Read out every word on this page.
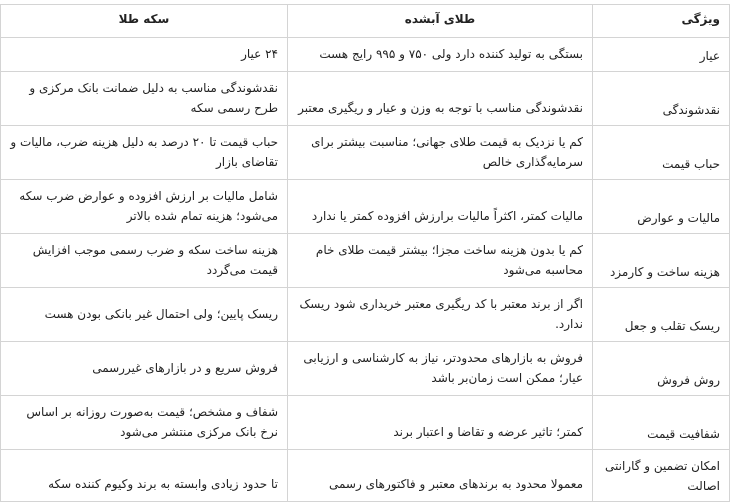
ویژگی	طلای آبشده	سکه طلا
عیار	بستگی به تولید کننده دارد ولی ۷۵۰ و ۹۹۵ رایج هست	۲۴ عیار
نقدشوندگی	نقدشوندگی مناسب با توجه به وزن و عیار و ریگیری معتبر	نقدشوندگی مناسب به دلیل ضمانت بانک مرکزی و طرح رسمی سکه
حباب قیمت	کم یا نزدیک به قیمت طلای جهانی؛ مناسبت بیشتر برای سرمایه‌گذاری خالص	حباب قیمت تا ۲۰ درصد به دلیل هزینه ضرب، مالیات و تقاضای بازار
مالیات و عوارض	مالیات کمتر، اکثراً مالیات برارزش افزوده کمتر یا ندارد	شامل مالیات بر ارزش افزوده و عوارض ضرب سکه می‌شود؛ هزینه تمام شده بالاتر
هزینه ساخت و کارمزد	کم یا بدون هزینه ساخت مجزا؛ بیشتر قیمت طلای خام محاسبه می‌شود	هزینه ساخت سکه و ضرب رسمی موجب افزایش قیمت می‌گردد
ریسک تقلب و جعل	اگر از برند معتبر با کد ریگیری معتبر خریداری شود ریسک ندارد.	ریسک پایین؛ ولی احتمال غیر بانکی بودن هست
روش فروش	فروش به بازارهای محدودتر، نیاز به کارشناسی و ارزیابی عیار؛ ممکن است زمان‌بر باشد	فروش سریع و در بازارهای غیررسمی
شفافیت قیمت	کمتر؛ تاثیر عرضه و تقاضا و اعتبار برند	شفاف و مشخص؛ قیمت به‌صورت روزانه بر اساس نرخ بانک مرکزی منتشر می‌شود
امکان تضمین و گارانتی اصالت	معمولا محدود به برندهای معتبر و فاکتورهای رسمی	تا حدود زیادی وابسته به برند وکیوم کننده سکه
